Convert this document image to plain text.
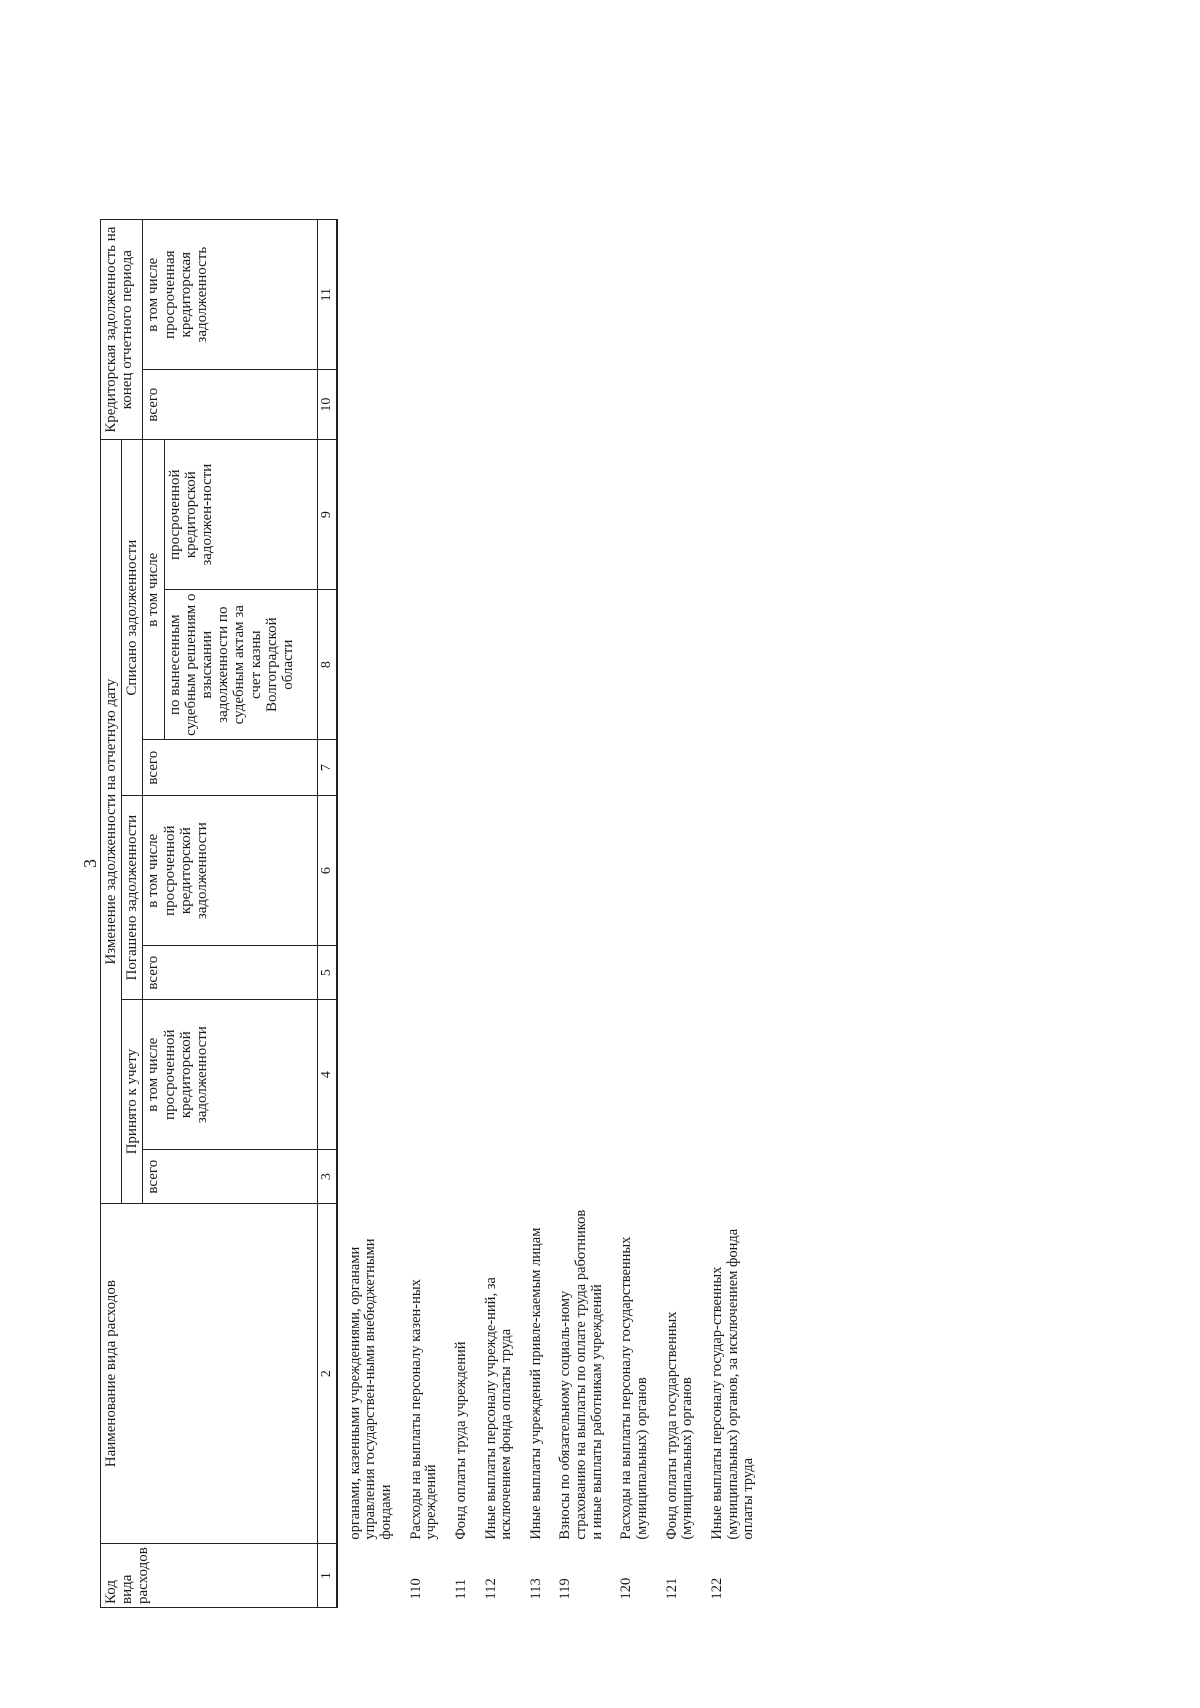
3
Код вида расходов	Наименование вида расходов	Изменение задолженности на отчетную дату							Кредиторская задолженность на конец отчетного периода	
		Принято к учету		Погашено задолженности		Списано задолженности				
		всего	в том числе просроченной кредиторской задолженности	всего	в том числе просроченной кредиторской задолженности	всего	в том числе		всего	в том числе просроченная кредиторская задолженность
							по вынесенным судебным решениям о взыскании задолженности по судебным актам за счет казны Волгоградской области	просроченной кредиторской задолжен-ности		
1	2	3	4	5	6	7	8	9	10	11
	органами, казенными учреждениями, органами управления государствен-ными внебюджетными фондами									
110	Расходы на выплаты персоналу казен-ных учреждений									
111	Фонд оплаты труда учреждений									
112	Иные выплаты персоналу учрежде-ний, за исключением фонда оплаты труда									
113	Иные выплаты учреждений привле-каемым лицам									
119	Взносы по обязательному социаль-ному страхованию на выплаты по оплате труда работников и иные выплаты работникам учреждений									
120	Расходы на выплаты персоналу государственных (муниципальных) органов									
121	Фонд оплаты труда государственных (муниципальных) органов									
122	Иные выплаты персоналу государ-ственных (муниципальных) органов, за исключением фонда оплаты труда									
